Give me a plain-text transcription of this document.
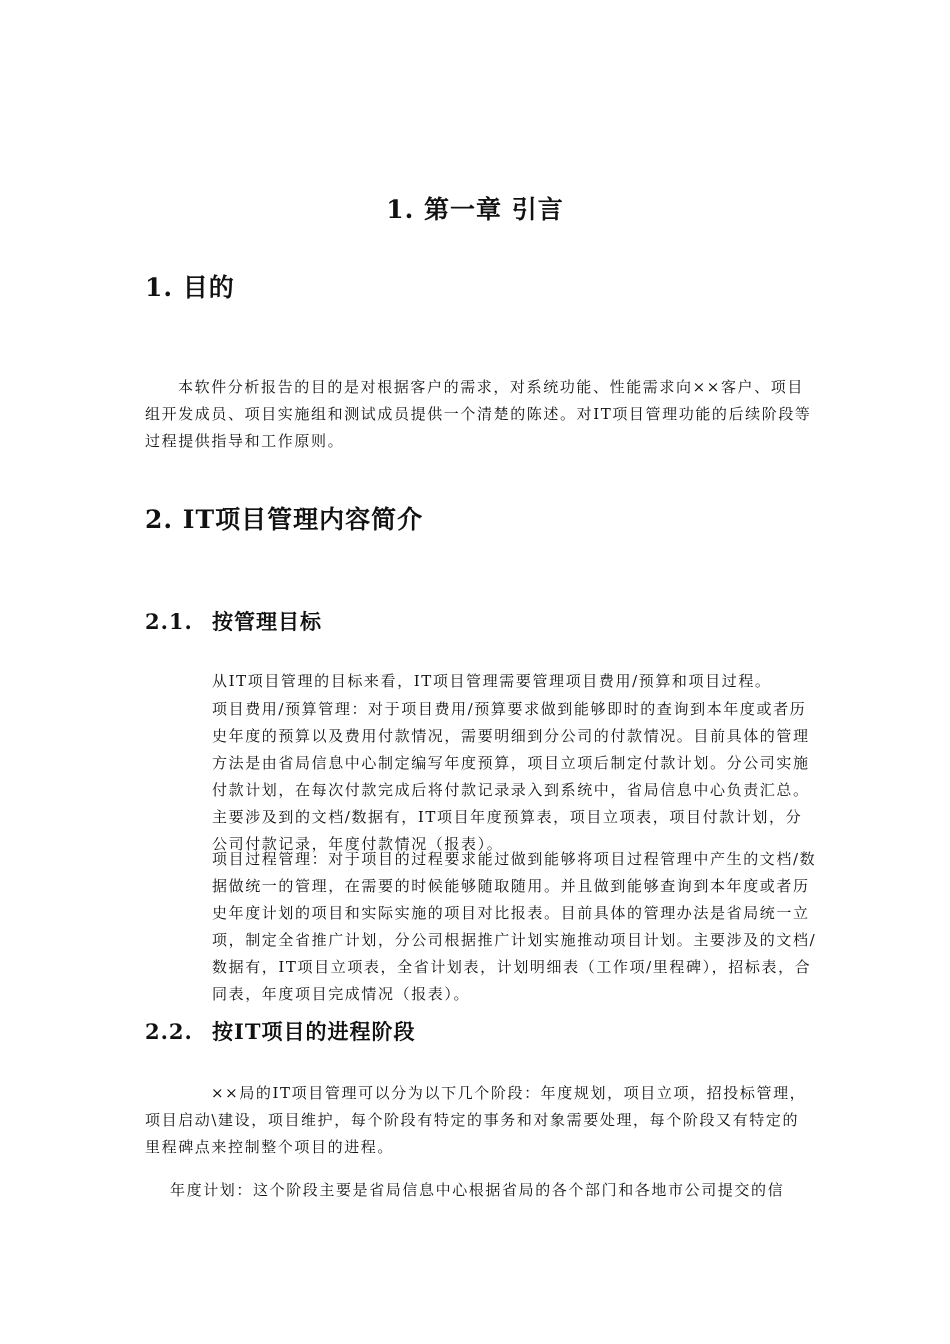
1. 第一章 引言
1. 目的

本软件分析报告的目的是对根据客户的需求，对系统功能、性能需求向××客户、项目组开发成员、项目实施组和测试成员提供一个清楚的陈述。对IT项目管理功能的后续阶段等过程提供指导和工作原则。

2. IT项目管理内容简介
2.1. 按管理目标

从IT项目管理的目标来看，IT项目管理需要管理项目费用/预算和项目过程。

项目费用/预算管理：对于项目费用/预算要求做到能够即时的查询到本年度或者历史年度的预算以及费用付款情况，需要明细到分公司的付款情况。目前具体的管理方法是由省局信息中心制定编写年度预算，项目立项后制定付款计划。分公司实施付款计划，在每次付款完成后将付款记录录入到系统中，省局信息中心负责汇总。主要涉及到的文档/数据有，IT项目年度预算表，项目立项表，项目付款计划，分公司付款记录，年度付款情况（报表）。

项目过程管理：对于项目的过程要求能过做到能够将项目过程管理中产生的文档/数据做统一的管理，在需要的时候能够随取随用。并且做到能够查询到本年度或者历史年度计划的项目和实际实施的项目对比报表。目前具体的管理办法是省局统一立项，制定全省推广计划，分公司根据推广计划实施推动项目计划。主要涉及的文档/数据有，IT项目立项表，全省计划表，计划明细表（工作项/里程碑），招标表，合同表，年度项目完成情况（报表）。

2.2. 按IT项目的进程阶段

××局的IT项目管理可以分为以下几个阶段：年度规划，项目立项，招投标管理，项目启动\建设，项目维护，每个阶段有特定的事务和对象需要处理，每个阶段又有特定的里程碑点来控制整个项目的进程。

年度计划：这个阶段主要是省局信息中心根据省局的各个部门和各地市公司提交的信
